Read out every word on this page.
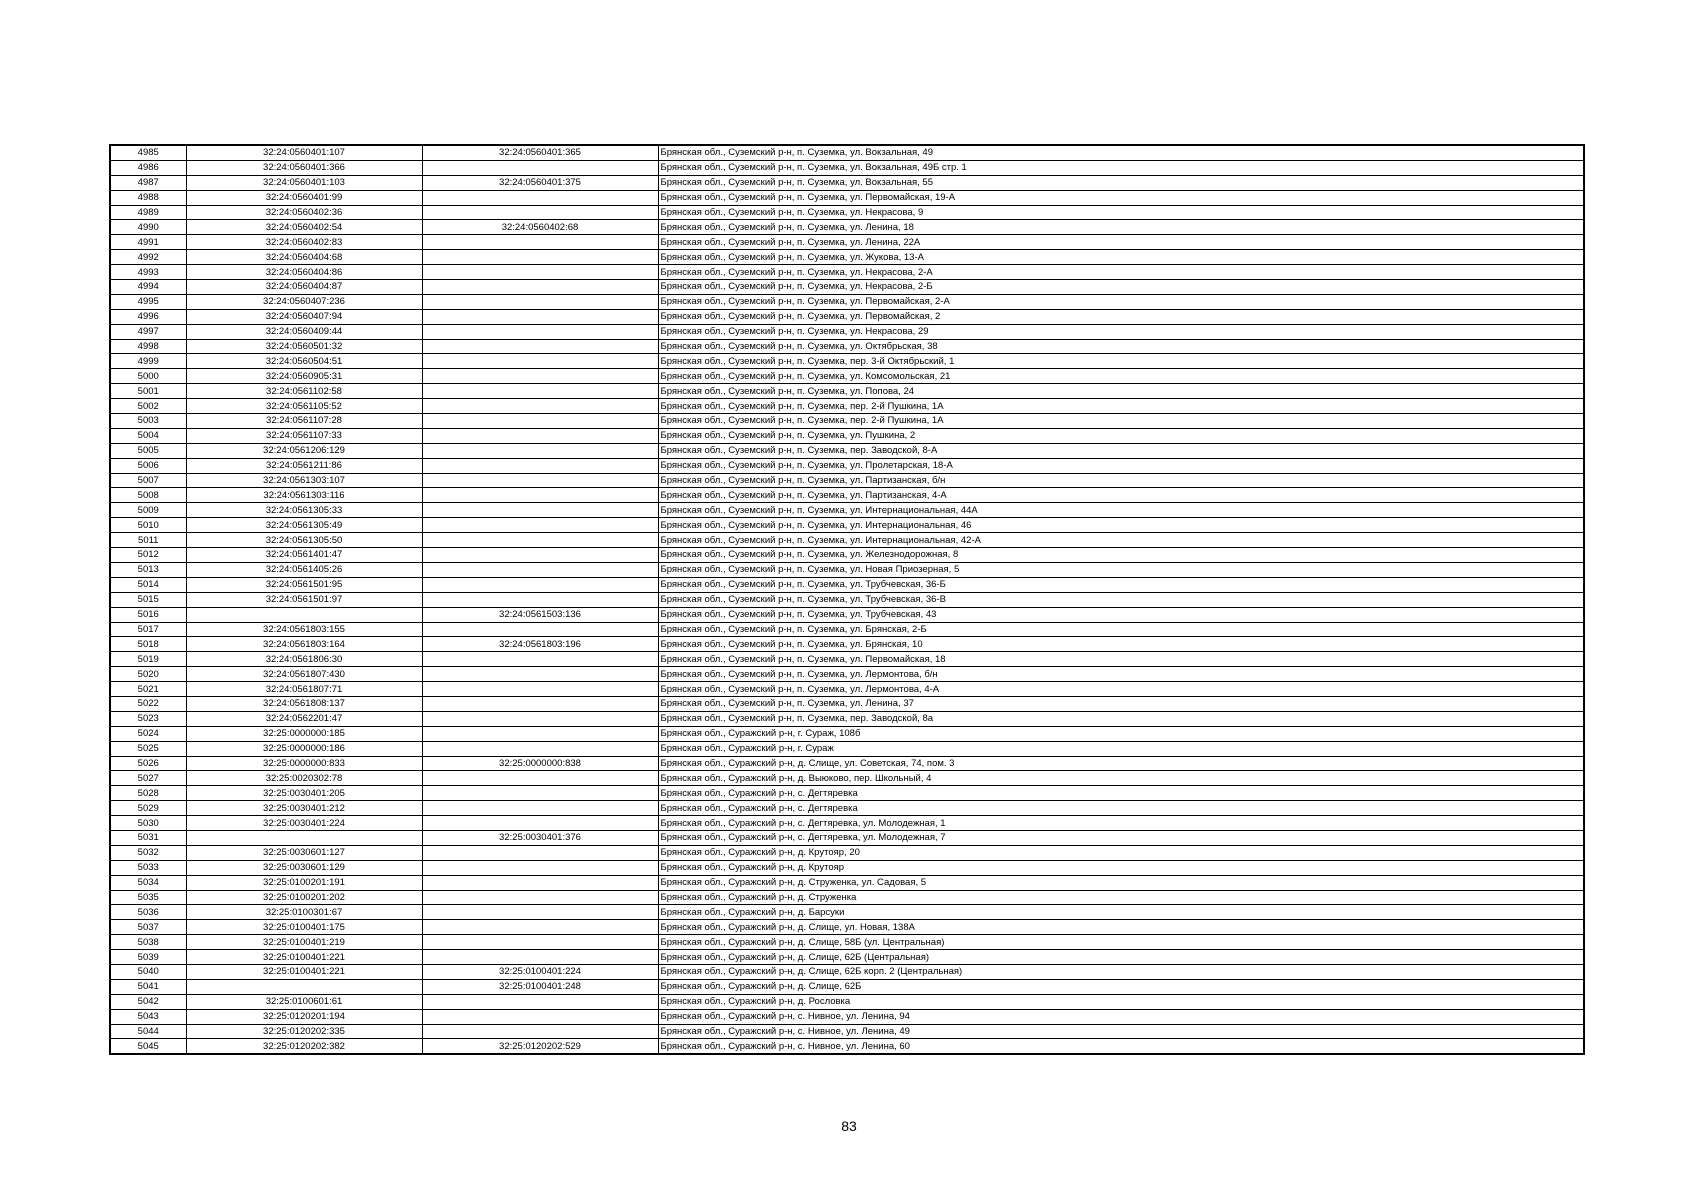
4985	32:24:0560401:107	32:24:0560401:365	Брянская обл., Суземский р-н, п. Суземка, ул. Вокзальная, 49
4986	32:24:0560401:366		Брянская обл., Суземский р-н, п. Суземка, ул. Вокзальная, 49Б стр. 1
4987	32:24:0560401:103	32:24:0560401:375	Брянская обл., Суземский р-н, п. Суземка, ул. Вокзальная, 55
4988	32:24:0560401:99		Брянская обл., Суземский р-н, п. Суземка, ул. Первомайская, 19-А
4989	32:24:0560402:36		Брянская обл., Суземский р-н, п. Суземка, ул. Некрасова, 9
4990	32:24:0560402:54	32:24:0560402:68	Брянская обл., Суземский р-н, п. Суземка, ул. Ленина, 18
4991	32:24:0560402:83		Брянская обл., Суземский р-н, п. Суземка, ул. Ленина, 22А
4992	32:24:0560404:68		Брянская обл., Суземский р-н, п. Суземка, ул. Жукова, 13-А
4993	32:24:0560404:86		Брянская обл., Суземский р-н, п. Суземка, ул. Некрасова, 2-А
4994	32:24:0560404:87		Брянская обл., Суземский р-н, п. Суземка, ул. Некрасова, 2-Б
4995	32:24:0560407:236		Брянская обл., Суземский р-н, п. Суземка, ул. Первомайская, 2-А
4996	32:24:0560407:94		Брянская обл., Суземский р-н, п. Суземка, ул. Первомайская, 2
4997	32:24:0560409:44		Брянская обл., Суземский р-н, п. Суземка, ул. Некрасова, 29
4998	32:24:0560501:32		Брянская обл., Суземский р-н, п. Суземка, ул. Октябрьская, 38
4999	32:24:0560504:51		Брянская обл., Суземский р-н, п. Суземка, пер. 3-й Октябрьский, 1
5000	32:24:0560905:31		Брянская обл., Суземский р-н, п. Суземка, ул. Комсомольская, 21
5001	32:24:0561102:58		Брянская обл., Суземский р-н, п. Суземка, ул. Попова, 24
5002	32:24:0561105:52		Брянская обл., Суземский р-н, п. Суземка, пер. 2-й Пушкина, 1А
5003	32:24:0561107:28		Брянская обл., Суземский р-н, п. Суземка, пер. 2-й Пушкина, 1А
5004	32:24:0561107:33		Брянская обл., Суземский р-н, п. Суземка, ул. Пушкина, 2
5005	32:24:0561206:129		Брянская обл., Суземский р-н, п. Суземка, пер. Заводской, 8-А
5006	32:24:0561211:86		Брянская обл., Суземский р-н, п. Суземка, ул. Пролетарская, 18-А
5007	32:24:0561303:107		Брянская обл., Суземский р-н, п. Суземка, ул. Партизанская, б/н
5008	32:24:0561303:116		Брянская обл., Суземский р-н, п. Суземка, ул. Партизанская, 4-А
5009	32:24:0561305:33		Брянская обл., Суземский р-н, п. Суземка, ул. Интернациональная, 44А
5010	32:24:0561305:49		Брянская обл., Суземский р-н, п. Суземка, ул. Интернациональная, 46
5011	32:24:0561305:50		Брянская обл., Суземский р-н, п. Суземка, ул. Интернациональная, 42-А
5012	32:24:0561401:47		Брянская обл., Суземский р-н, п. Суземка, ул. Железнодорожная, 8
5013	32:24:0561405:26		Брянская обл., Суземский р-н, п. Суземка, ул. Новая Приозерная, 5
5014	32:24:0561501:95		Брянская обл., Суземский р-н, п. Суземка, ул. Трубчевская, 36-Б
5015	32:24:0561501:97		Брянская обл., Суземский р-н, п. Суземка, ул. Трубчевская, 36-В
5016		32:24:0561503:136	Брянская обл., Суземский р-н, п. Суземка, ул. Трубчевская, 43
5017	32:24:0561803:155		Брянская обл., Суземский р-н, п. Суземка, ул. Брянская, 2-Б
5018	32:24:0561803:164	32:24:0561803:196	Брянская обл., Суземский р-н, п. Суземка, ул. Брянская, 10
5019	32:24:0561806:30		Брянская обл., Суземский р-н, п. Суземка, ул. Первомайская, 18
5020	32:24:0561807:430		Брянская обл., Суземский р-н, п. Суземка, ул. Лермонтова, б/н
5021	32:24:0561807:71		Брянская обл., Суземский р-н, п. Суземка, ул. Лермонтова, 4-А
5022	32:24:0561808:137		Брянская обл., Суземский р-н, п. Суземка, ул. Ленина, 37
5023	32:24:0562201:47		Брянская обл., Суземский р-н, п. Суземка, пер. Заводской, 8а
5024	32:25:0000000:185		Брянская обл., Суражский р-н, г. Сураж, 108б
5025	32:25:0000000:186		Брянская обл., Суражский р-н, г. Сураж
5026	32:25:0000000:833	32:25:0000000:838	Брянская обл., Суражский р-н, д. Слище, ул. Советская, 74, пом. 3
5027	32:25:0020302:78		Брянская обл., Суражский р-н, д. Выюково, пер. Школьный, 4
5028	32:25:0030401:205		Брянская обл., Суражский р-н, с. Дегтяревка
5029	32:25:0030401:212		Брянская обл., Суражский р-н, с. Дегтяревка
5030	32:25:0030401:224		Брянская обл., Суражский р-н, с. Дегтяревка, ул. Молодежная, 1
5031		32:25:0030401:376	Брянская обл., Суражский р-н, с. Дегтяревка, ул. Молодежная, 7
5032	32:25:0030601:127		Брянская обл., Суражский р-н, д. Крутояр, 20
5033	32:25:0030601:129		Брянская обл., Суражский р-н, д. Крутояр
5034	32:25:0100201:191		Брянская обл., Суражский р-н, д. Струженка, ул. Садовая, 5
5035	32:25:0100201:202		Брянская обл., Суражский р-н, д. Струженка
5036	32:25:0100301:67		Брянская обл., Суражский р-н, д. Барсуки
5037	32:25:0100401:175		Брянская обл., Суражский р-н, д. Слище, ул. Новая, 138А
5038	32:25:0100401:219		Брянская обл., Суражский р-н, д. Слище, 58Б (ул. Центральная)
5039	32:25:0100401:221		Брянская обл., Суражский р-н, д. Слище, 62Б (Центральная)
5040	32:25:0100401:221	32:25:0100401:224	Брянская обл., Суражский р-н, д. Слище, 62Б корп. 2 (Центральная)
5041		32:25:0100401:248	Брянская обл., Суражский р-н, д. Слище, 62Б
5042	32:25:0100601:61		Брянская обл., Суражский р-н, д. Рословка
5043	32:25:0120201:194		Брянская обл., Суражский р-н, с. Нивное, ул. Ленина, 94
5044	32:25:0120202:335		Брянская обл., Суражский р-н, с. Нивное, ул. Ленина, 49
5045	32:25:0120202:382	32:25:0120202:529	Брянская обл., Суражский р-н, с. Нивное, ул. Ленина, 60
83
